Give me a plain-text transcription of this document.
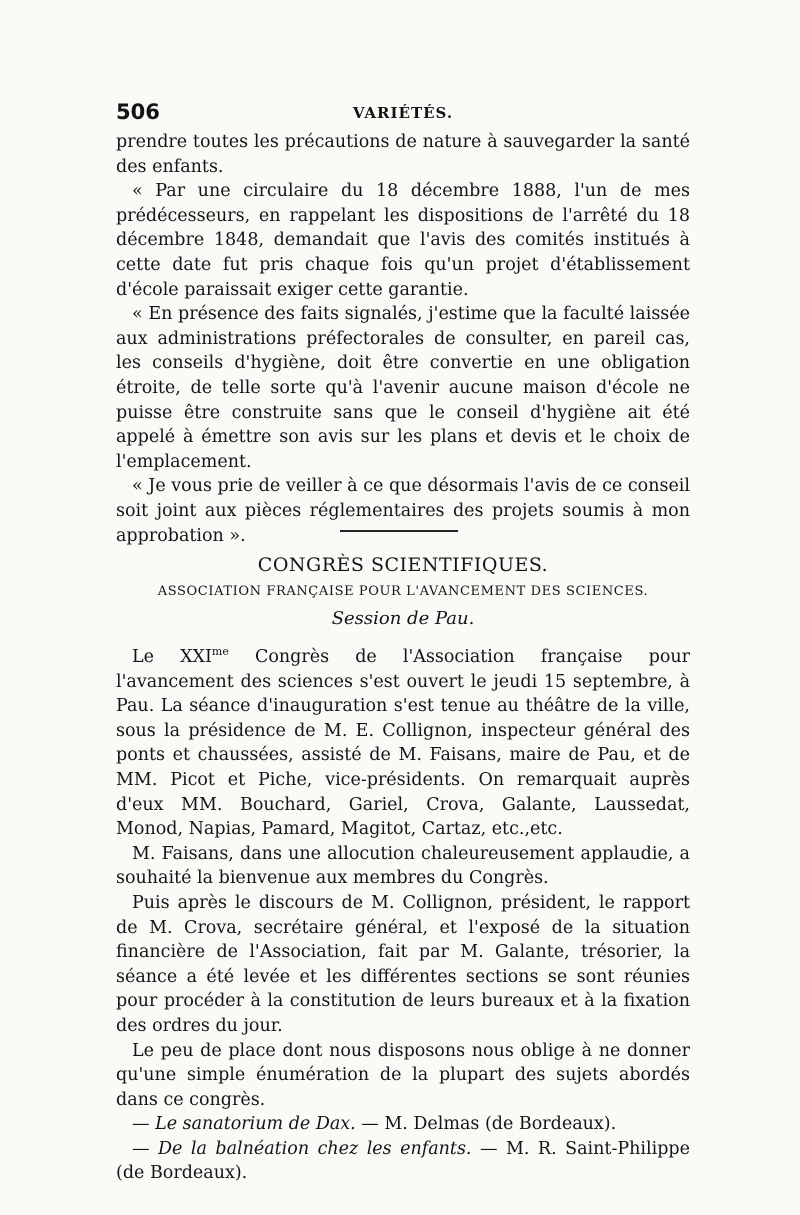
506	VARIÉTÉS.

prendre toutes les précautions de nature à sauvegarder la santé des enfants.

« Par une circulaire du 18 décembre 1888, l'un de mes prédécesseurs, en rappelant les dispositions de l'arrêté du 18 décembre 1848, demandait que l'avis des comités institués à cette date fut pris chaque fois qu'un projet d'établissement d'école paraissait exiger cette garantie.

« En présence des faits signalés, j'estime que la faculté laissée aux administrations préfectorales de consulter, en pareil cas, les conseils d'hygiène, doit être convertie en une obligation étroite, de telle sorte qu'à l'avenir aucune maison d'école ne puisse être construite sans que le conseil d'hygiène ait été appelé à émettre son avis sur les plans et devis et le choix de l'emplacement.

« Je vous prie de veiller à ce que désormais l'avis de ce conseil soit joint aux pièces réglementaires des projets soumis à mon approbation ».

CONGRÈS SCIENTIFIQUES.
ASSOCIATION FRANÇAISE POUR L'AVANCEMENT DES SCIENCES.
Session de Pau.

Le $XXI^{me}$ Congrès de l'Association française pour l'avancement des sciences s'est ouvert le jeudi 15 septembre, à Pau. La séance d'inauguration s'est tenue au théâtre de la ville, sous la présidence de M. E. Collignon, inspecteur général des ponts et chaussées, assisté de M. Faisans, maire de Pau, et de MM. Picot et Piche, vice-présidents. On remarquait auprès d'eux MM. Bouchard, Gariel, Crova, Galante, Laussedat, Monod, Napias, Pamard, Magitot, Cartaz, etc.,etc.

M. Faisans, dans une allocution chaleureusement applaudie, a souhaité la bienvenue aux membres du Congrès.

Puis après le discours de M. Collignon, président, le rapport de M. Crova, secrétaire général, et l'exposé de la situation financière de l'Association, fait par M. Galante, trésorier, la séance a été levée et les différentes sections se sont réunies pour procéder à la constitution de leurs bureaux et à la fixation des ordres du jour.

Le peu de place dont nous disposons nous oblige à ne donner qu'une simple énumération de la plupart des sujets abordés dans ce congrès.

— Le sanatorium de Dax. — M. Delmas (de Bordeaux).

— De la balnéation chez les enfants. — M. R. Saint-Philippe (de Bordeaux).
